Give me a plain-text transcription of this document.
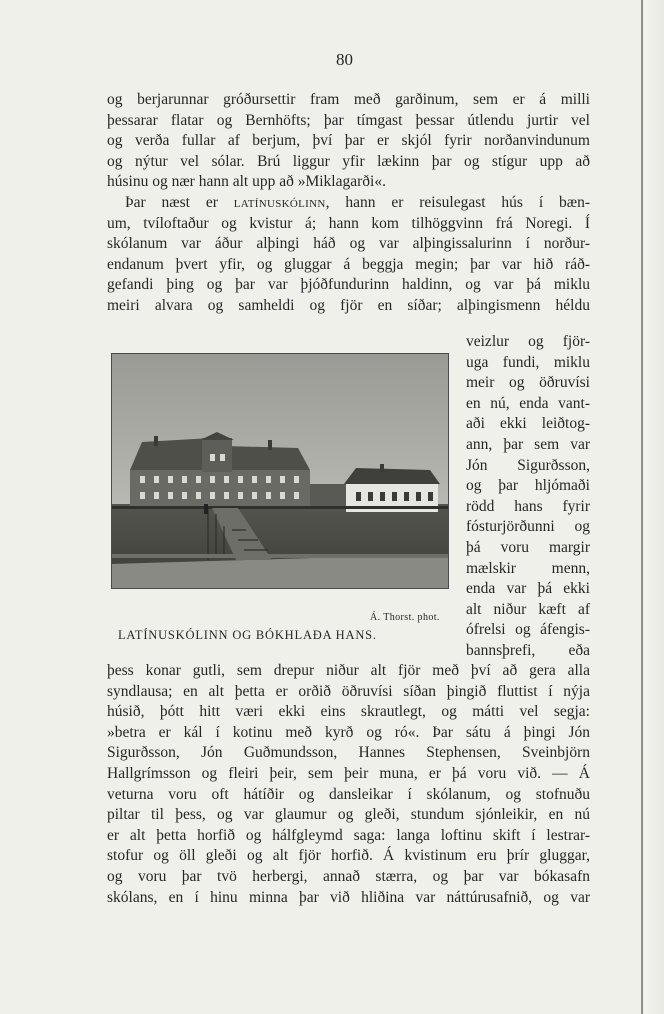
80
og berjarunnar gróðursettir fram með garðinum, sem er á milli
þessarar flatar og Bernhöfts; þar tímgast þessar útlendu jurtir vel
og verða fullar af berjum, því þar er skjól fyrir norðanvindunum
og nýtur vel sólar. Brú liggur yfir lækinn þar og stígur upp að
húsinu og nær hann alt upp að »Miklagarði«.
Þar næst er latínuskólinn, hann er reisulegast hús í bæn-
um, tvíloftaður og kvistur á; hann kom tilhöggvinn frá Noregi. Í
skólanum var áður alþingi háð og var alþingissalurinn í norður-
endanum þvert yfir, og gluggar á beggja megin; þar var hið ráð-
gefandi þing og þar var þjóðfundurinn haldinn, og var þá miklu
meiri alvara og samheldi og fjör en síðar; alþingismenn héldu
veizlur og fjör-
uga fundi, miklu
meir og öðruvísi
en nú, enda vant-
aði ekki leiðtog-
ann, þar sem var
Jón Sigurðsson,
og þar hljómaði
rödd hans fyrir
fósturjörðunni og
þá voru margir
mælskir menn,
enda var þá ekki
alt niður kæft af
ófrelsi og áfengis-
bannsþrefi, eða
Á. Thorst. phot.
LATÍNUSKÓLINN OG BÓKHLAÐA HANS.
þess konar gutli, sem drepur niður alt fjör með því að gera alla
syndlausa; en alt þetta er orðið öðruvísi síðan þingið fluttist í nýja
húsið, þótt hitt væri ekki eins skrautlegt, og mátti vel segja:
»betra er kál í kotinu með kyrð og ró«. Þar sátu á þingi Jón
Sigurðsson, Jón Guðmundsson, Hannes Stephensen, Sveinbjörn
Hallgrímsson og fleiri þeir, sem þeir muna, er þá voru við. — Á
veturna voru oft hátíðir og dansleikar í skólanum, og stofnuðu
piltar til þess, og var glaumur og gleði, stundum sjónleikir, en nú
er alt þetta horfið og hálfgleymd saga: langa loftinu skift í lestrar-
stofur og öll gleði og alt fjör horfið. Á kvistinum eru þrír gluggar,
og voru þar tvö herbergi, annað stærra, og þar var bókasafn
skólans, en í hinu minna þar við hliðina var náttúrusafnið, og var
